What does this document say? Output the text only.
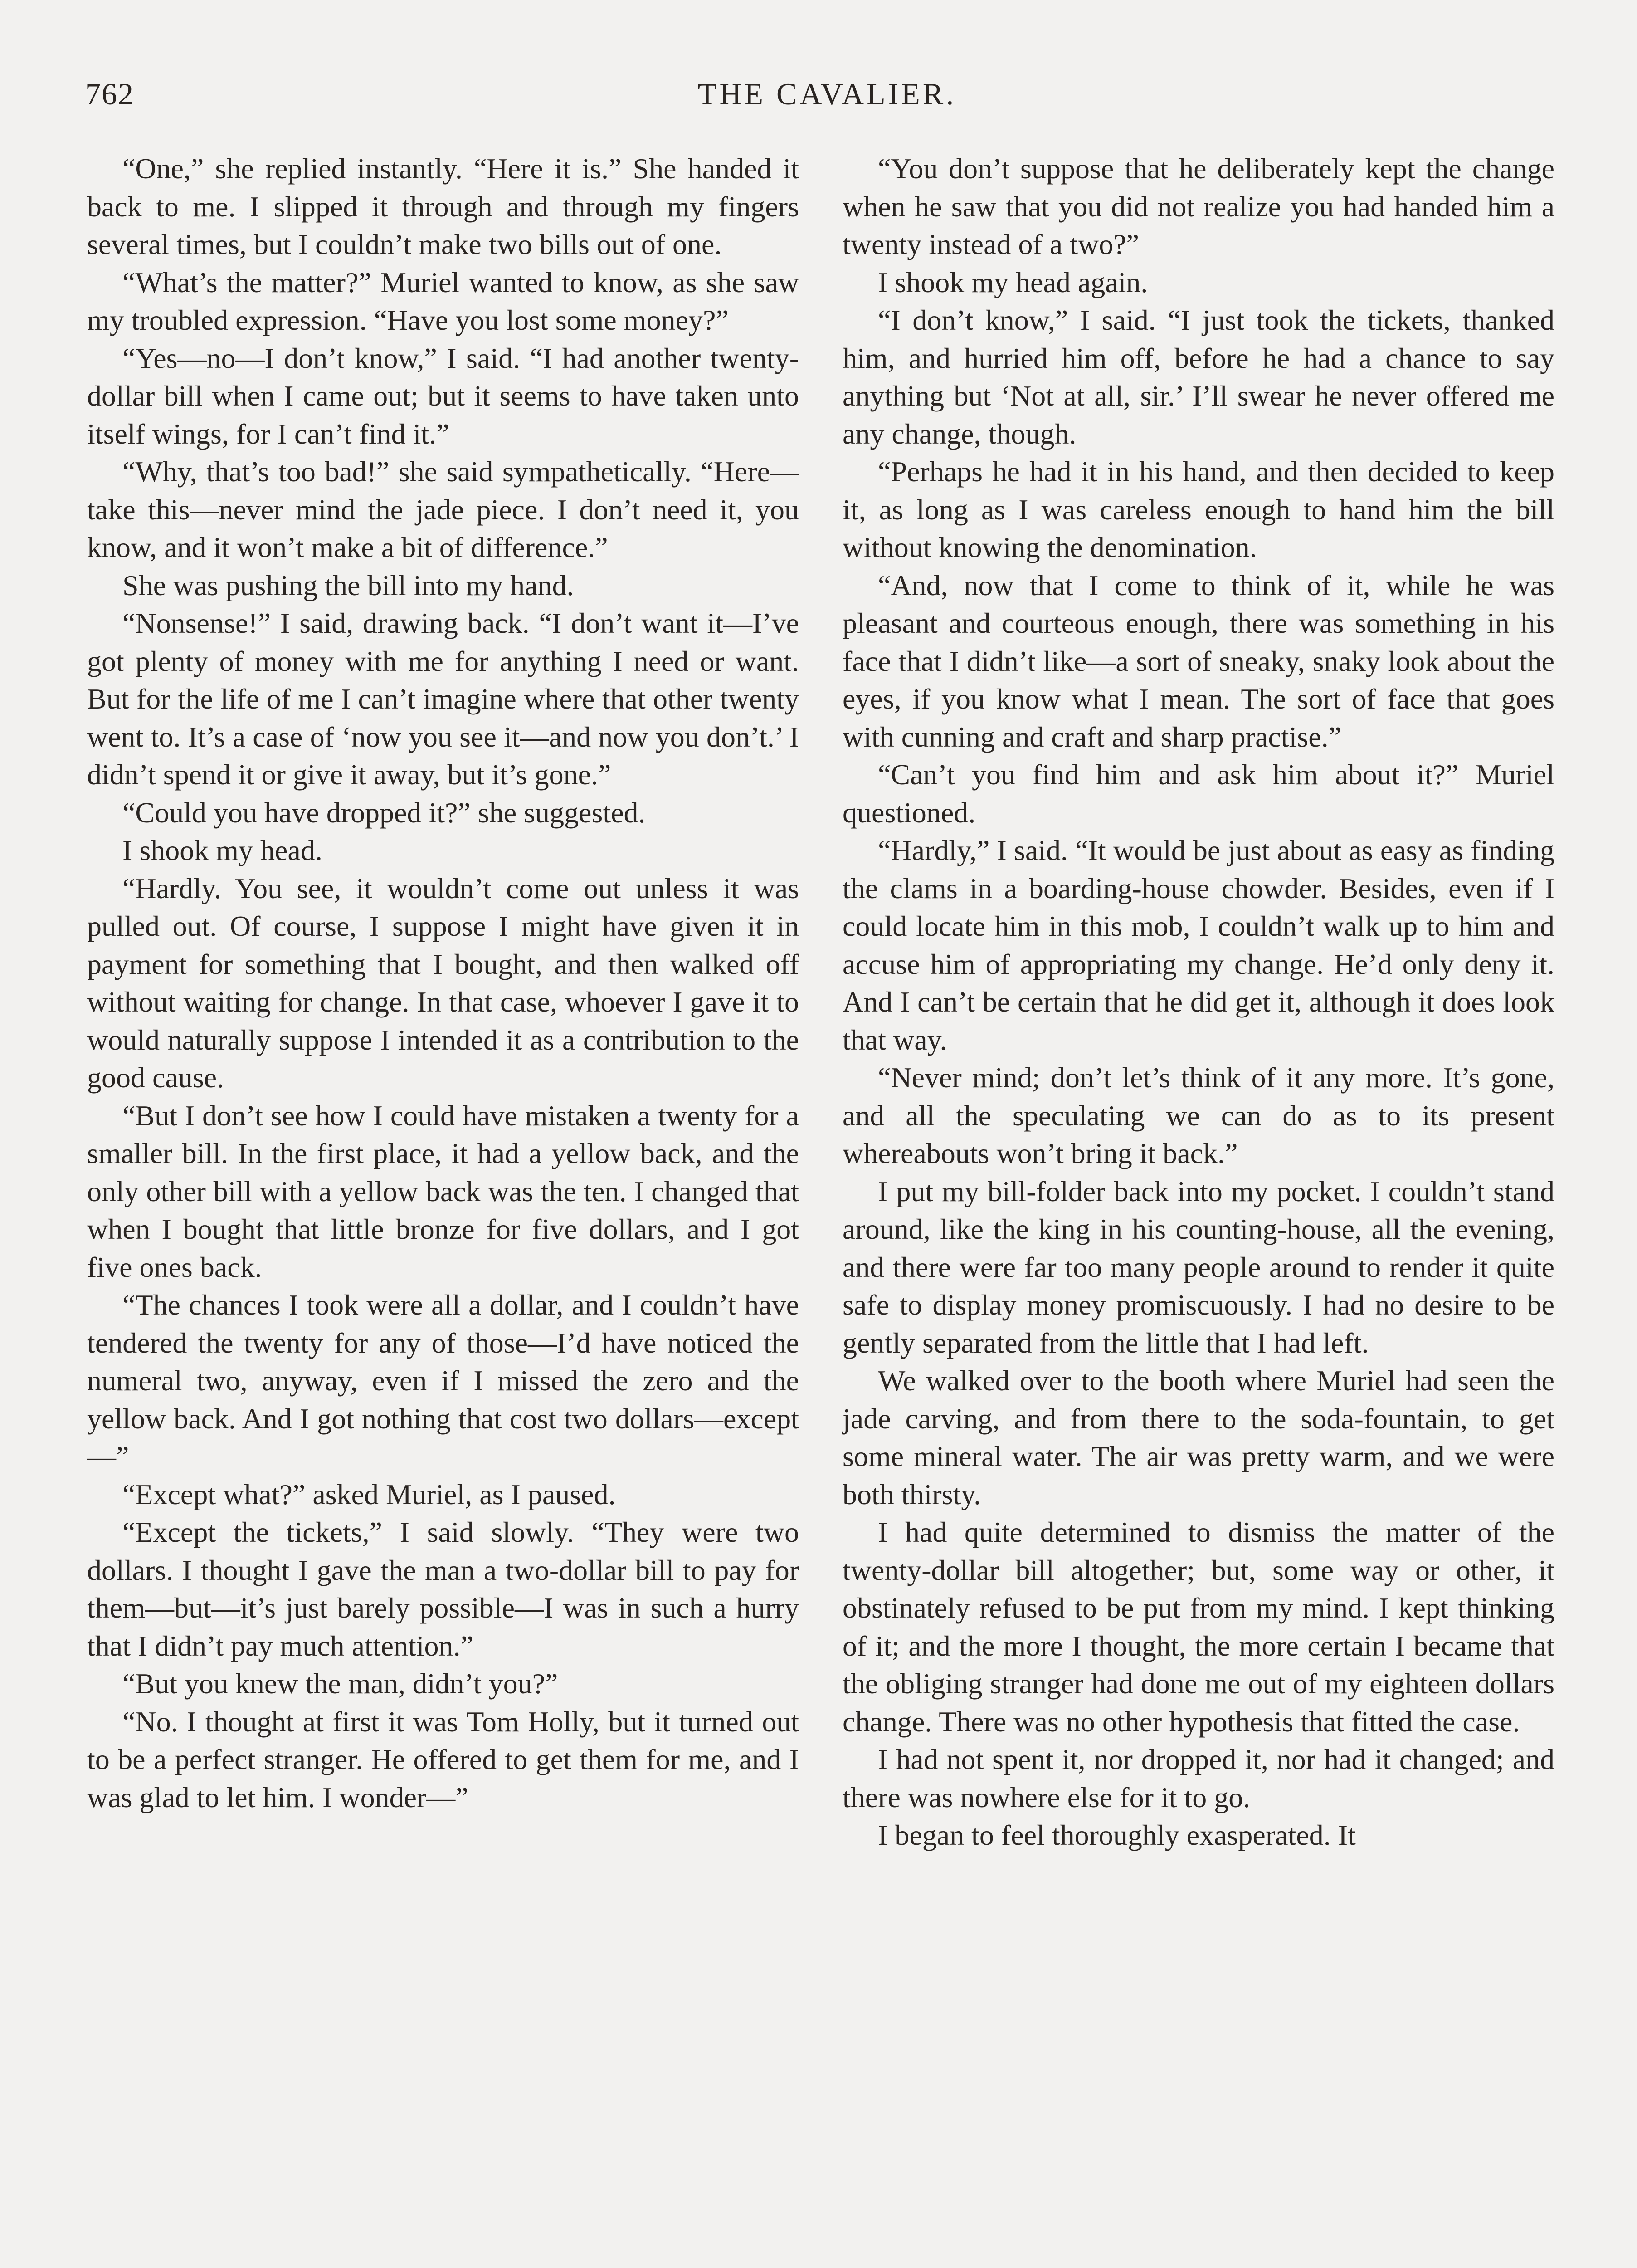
762	THE CAVALIER.

“One,” she replied instantly. “Here it is.” She handed it back to me. I slipped it through and through my fingers several times, but I couldn’t make two bills out of one.

“What’s the matter?” Muriel wanted to know, as she saw my troubled expression. “Have you lost some money?”

“Yes—no—I don’t know,” I said. “I had another twenty-dollar bill when I came out; but it seems to have taken unto itself wings, for I can’t find it.”

“Why, that’s too bad!” she said sympathetically. “Here—take this—never mind the jade piece. I don’t need it, you know, and it won’t make a bit of difference.”

She was pushing the bill into my hand.

“Nonsense!” I said, drawing back. “I don’t want it—I’ve got plenty of money with me for anything I need or want. But for the life of me I can’t imagine where that other twenty went to. It’s a case of ‘now you see it—and now you don’t.’ I didn’t spend it or give it away, but it’s gone.”

“Could you have dropped it?” she suggested.

I shook my head.

“Hardly. You see, it wouldn’t come out unless it was pulled out. Of course, I suppose I might have given it in payment for something that I bought, and then walked off without waiting for change. In that case, whoever I gave it to would naturally suppose I intended it as a contribution to the good cause.

“But I don’t see how I could have mistaken a twenty for a smaller bill. In the first place, it had a yellow back, and the only other bill with a yellow back was the ten. I changed that when I bought that little bronze for five dollars, and I got five ones back.

“The chances I took were all a dollar, and I couldn’t have tendered the twenty for any of those—I’d have noticed the numeral two, anyway, even if I missed the zero and the yellow back. And I got nothing that cost two dollars—except—”

“Except what?” asked Muriel, as I paused.

“Except the tickets,” I said slowly. “They were two dollars. I thought I gave the man a two-dollar bill to pay for them—but—it’s just barely possible—I was in such a hurry that I didn’t pay much attention.”

“But you knew the man, didn’t you?”

“No. I thought at first it was Tom Holly, but it turned out to be a perfect stranger. He offered to get them for me, and I was glad to let him. I wonder—”

“You don’t suppose that he deliberately kept the change when he saw that you did not realize you had handed him a twenty instead of a two?”

I shook my head again.

“I don’t know,” I said. “I just took the tickets, thanked him, and hurried him off, before he had a chance to say anything but ‘Not at all, sir.’ I’ll swear he never offered me any change, though.

“Perhaps he had it in his hand, and then decided to keep it, as long as I was careless enough to hand him the bill without knowing the denomination.

“And, now that I come to think of it, while he was pleasant and courteous enough, there was something in his face that I didn’t like—a sort of sneaky, snaky look about the eyes, if you know what I mean. The sort of face that goes with cunning and craft and sharp practise.”

“Can’t you find him and ask him about it?” Muriel questioned.

“Hardly,” I said. “It would be just about as easy as finding the clams in a boarding-house chowder. Besides, even if I could locate him in this mob, I couldn’t walk up to him and accuse him of appropriating my change. He’d only deny it. And I can’t be certain that he did get it, although it does look that way.

“Never mind; don’t let’s think of it any more. It’s gone, and all the speculating we can do as to its present whereabouts won’t bring it back.”

I put my bill-folder back into my pocket. I couldn’t stand around, like the king in his counting-house, all the evening, and there were far too many people around to render it quite safe to display money promiscuously. I had no desire to be gently separated from the little that I had left.

We walked over to the booth where Muriel had seen the jade carving, and from there to the soda-fountain, to get some mineral water. The air was pretty warm, and we were both thirsty.

I had quite determined to dismiss the matter of the twenty-dollar bill altogether; but, some way or other, it obstinately refused to be put from my mind. I kept thinking of it; and the more I thought, the more certain I became that the obliging stranger had done me out of my eighteen dollars change. There was no other hypothesis that fitted the case.

I had not spent it, nor dropped it, nor had it changed; and there was nowhere else for it to go.

I began to feel thoroughly exasperated. It
